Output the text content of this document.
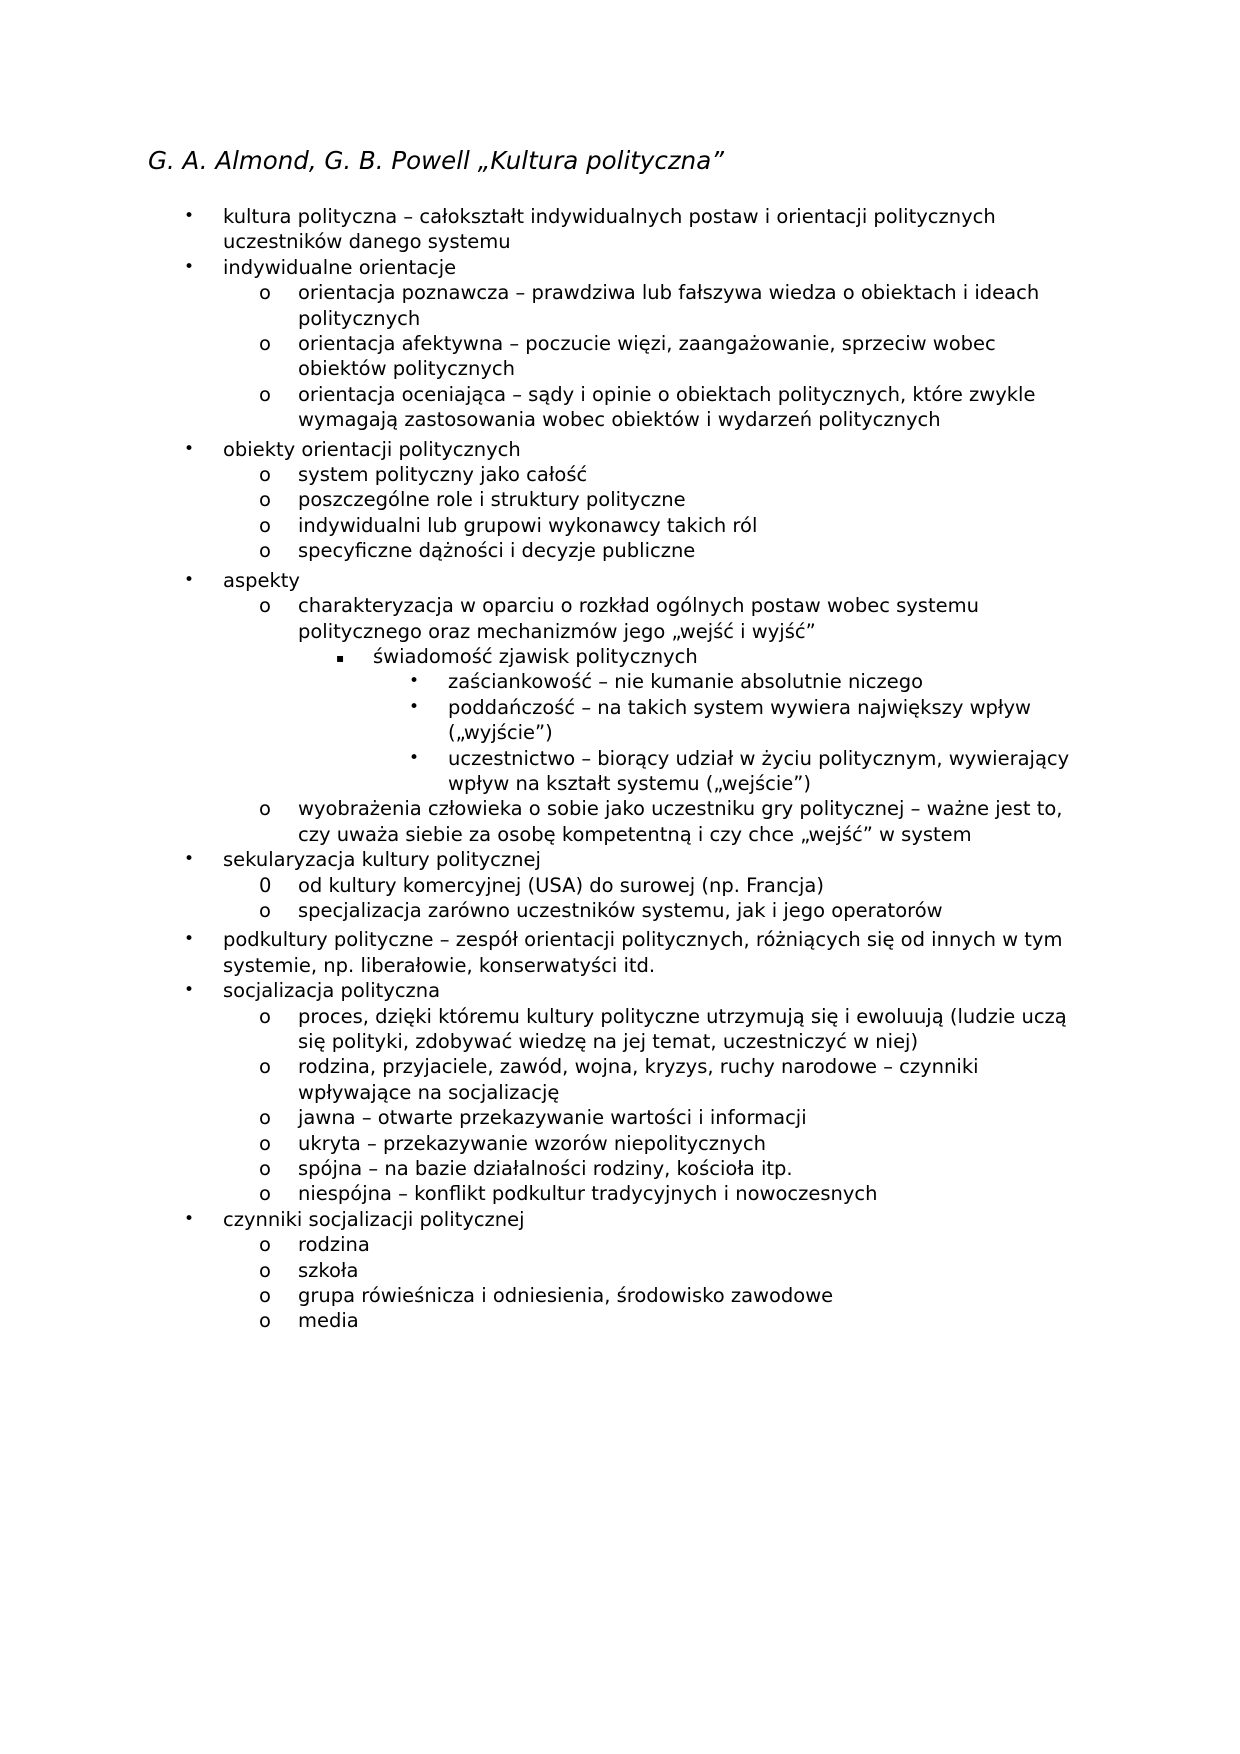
G. A. Almond, G. B. Powell „Kultura polityczna”
• kultura polityczna – całokształt indywidualnych postaw i orientacji politycznych uczestników danego systemu
• indywidualne orientacje
o orientacja poznawcza – prawdziwa lub fałszywa wiedza o obiektach i ideach politycznych
o orientacja afektywna – poczucie więzi, zaangażowanie, sprzeciw wobec obiektów politycznych
o orientacja oceniająca – sądy i opinie o obiektach politycznych, które zwykle wymagają zastosowania wobec obiektów i wydarzeń politycznych
• obiekty orientacji politycznych
o system polityczny jako całość
o poszczególne role i struktury polityczne
o indywidualni lub grupowi wykonawcy takich ról
o specyficzne dążności i decyzje publiczne
• aspekty
o charakteryzacja w oparciu o rozkład ogólnych postaw wobec systemu politycznego oraz mechanizmów jego „wejść i wyjść”
▪ świadomość zjawisk politycznych
• zaściankowość – nie kumanie absolutnie niczego
• poddańczość – na takich system wywiera największy wpływ („wyjście”)
• uczestnictwo – biorący udział w życiu politycznym, wywierający wpływ na kształt systemu („wejście”)
o wyobrażenia człowieka o sobie jako uczestniku gry politycznej – ważne jest to, czy uważa siebie za osobę kompetentną i czy chce „wejść” w system
• sekularyzacja kultury politycznej
0 od kultury komercyjnej (USA) do surowej (np. Francja)
o specjalizacja zarówno uczestników systemu, jak i jego operatorów
• podkultury polityczne – zespół orientacji politycznych, różniących się od innych w tym systemie, np. liberałowie, konserwatyści itd.
• socjalizacja polityczna
o proces, dzięki któremu kultury polityczne utrzymują się i ewoluują (ludzie uczą się polityki, zdobywać wiedzę na jej temat, uczestniczyć w niej)
o rodzina, przyjaciele, zawód, wojna, kryzys, ruchy narodowe – czynniki wpływające na socjalizację
o jawna – otwarte przekazywanie wartości i informacji
o ukryta – przekazywanie wzorów niepolitycznych
o spójna – na bazie działalności rodziny, kościoła itp.
o niespójna – konflikt podkultur tradycyjnych i nowoczesnych
• czynniki socjalizacji politycznej
o rodzina
o szkoła
o grupa rówieśnicza i odniesienia, środowisko zawodowe
o media
